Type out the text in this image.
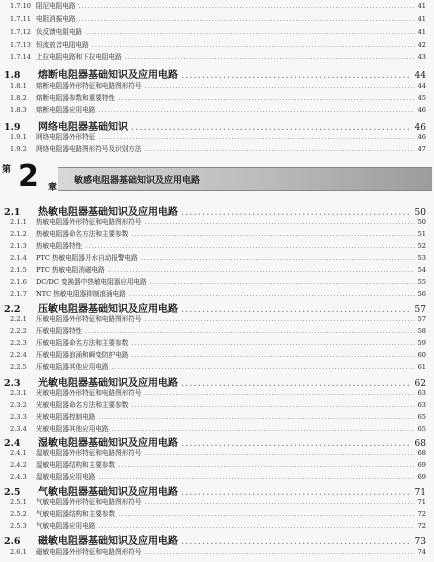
1.7.10 阻尼电阻电路 .....	41
1.7.11 电阻消振电路 .....	41
1.7.12 负反馈电阻电路 .....	41
1.7.13 恒流放音电阻电路 .....	42
1.7.14 上拉电阻电路和下拉电阻电路 .....	43
1.8	熔断电阻器基础知识及应用电路 .....	44
1.8.1	熔断电阻器外形特征和电路图形符号 .....	44
1.8.2	熔断电阻器参数和重要特性 .....	45
1.8.3	熔断电阻器应用电路 .....	46
1.9	网络电阻器基础知识 .....	46
1.9.1	网络电阻器外形特征 .....	46
1.9.2	网络电阻器电路图形符号及识别方法 .....	47
第 2 章
敏感电阻器基础知识及应用电路
2.1	热敏电阻器基础知识及应用电路 .....	50
2.1.1	热敏电阻器外形特征和电路图形符号 .....	50
2.1.2	热敏电阻器命名方法和主要参数 .....	51
2.1.3	热敏电阻器特性 .....	52
2.1.4	PTC 热敏电阻器开水自动报警电路 .....	53
2.1.5	PTC 热敏电阻消磁电路 .....	54
2.1.6	DC/DC 变换器中热敏电阻器应用电路 .....	55
2.1.7	NTC 热敏电阻器抑制浪涌电路 .....	56
2.2	压敏电阻器基础知识及应用电路 .....	57
2.2.1	压敏电阻器外形特征和电路图形符号 .....	57
2.2.2	压敏电阻器特性 .....	58
2.2.3	压敏电阻器命名方法和主要参数 .....	59
2.2.4	压敏电阻器浪涌和瞬变防护电路 .....	60
2.2.5	压敏电阻器其他应用电路 .....	61
2.3	光敏电阻器基础知识及应用电路 .....	62
2.3.1	光敏电阻器外形特征和电路图形符号 .....	63
2.3.2	光敏电阻器命名方法和主要参数 .....	63
2.3.3	光敏电阻器控制电路 .....	65
2.3.4	光敏电阻器其他应用电路 .....	65
2.4	湿敏电阻器基础知识及应用电路 .....	68
2.4.1	湿敏电阻器外形特征和电路图形符号 .....	68
2.4.2	湿敏电阻器结构和主要参数 .....	69
2.4.3	湿敏电阻器应用电路 .....	69
2.5	气敏电阻器基础知识及应用电路 .....	71
2.5.1	气敏电阻器外形特征和电路图形符号 .....	71
2.5.2	气敏电阻器结构和主要参数 .....	72
2.5.3	气敏电阻器应用电路 .....	72
2.6	磁敏电阻器基础知识及应用电路 .....	73
2.6.1	磁敏电阻器外形特征和电路图形符号 .....	74
